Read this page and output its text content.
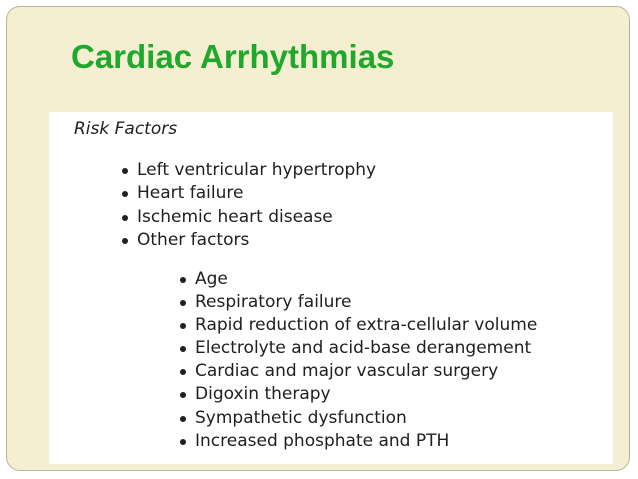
Cardiac Arrhythmias
Risk Factors
Left ventricular hypertrophy
Heart failure
Ischemic heart disease
Other factors
Age
Respiratory failure
Rapid reduction of extra-cellular volume
Electrolyte and acid-base derangement
Cardiac and major vascular surgery
Digoxin therapy
Sympathetic dysfunction
Increased phosphate and PTH
